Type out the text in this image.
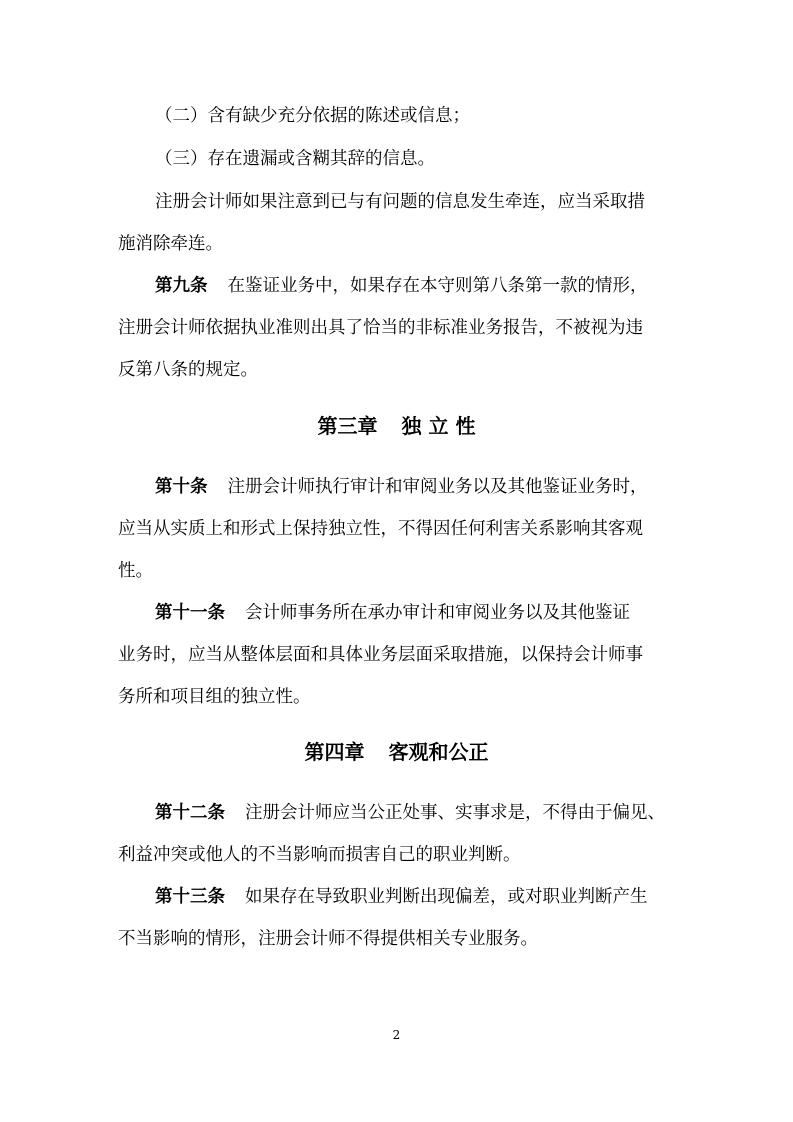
（二）含有缺少充分依据的陈述或信息；
（三）存在遗漏或含糊其辞的信息。
注册会计师如果注意到已与有问题的信息发生牵连，应当采取措
施消除牵连。
第九条 在鉴证业务中，如果存在本守则第八条第一款的情形，
注册会计师依据执业准则出具了恰当的非标准业务报告，不被视为违
反第八条的规定。
第三章 独 立 性
第十条 注册会计师执行审计和审阅业务以及其他鉴证业务时，
应当从实质上和形式上保持独立性，不得因任何利害关系影响其客观
性。
第十一条 会计师事务所在承办审计和审阅业务以及其他鉴证
业务时，应当从整体层面和具体业务层面采取措施，以保持会计师事
务所和项目组的独立性。
第四章 客观和公正
第十二条 注册会计师应当公正处事、实事求是，不得由于偏见、
利益冲突或他人的不当影响而损害自己的职业判断。
第十三条 如果存在导致职业判断出现偏差，或对职业判断产生
不当影响的情形，注册会计师不得提供相关专业服务。
2
